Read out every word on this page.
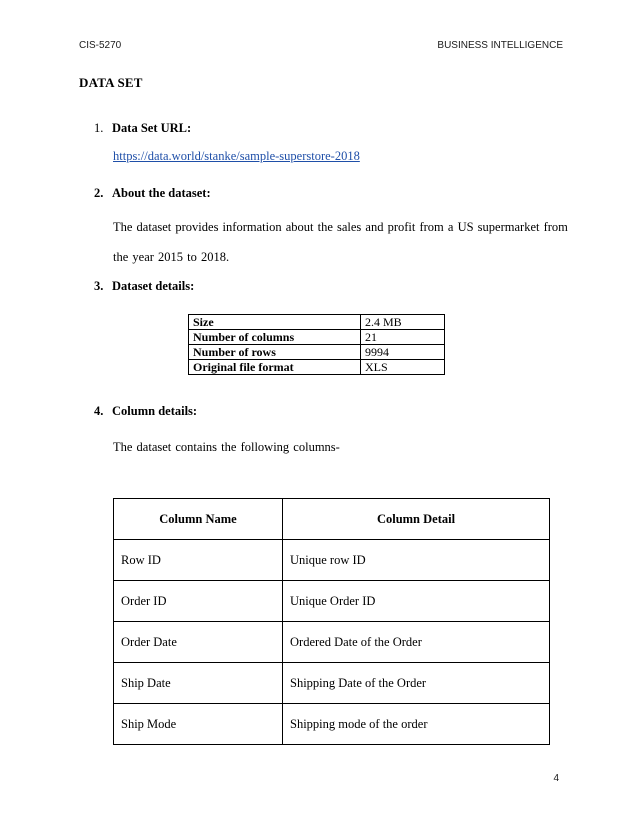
CIS-5270	BUSINESS INTELLIGENCE
DATA SET
1. Data Set URL:
https://data.world/stanke/sample-superstore-2018
2. About the dataset:
The dataset provides information about the sales and profit from a US supermarket from
the year 2015 to 2018.
3. Dataset details:
Size	2.4 MB
Number of columns	21
Number of rows	9994
Original file format	XLS
4. Column details:
The dataset contains the following columns-
Column Name	Column Detail
Row ID	Unique row ID
Order ID	Unique Order ID
Order Date	Ordered Date of the Order
Ship Date	Shipping Date of the Order
Ship Mode	Shipping mode of the order
4
